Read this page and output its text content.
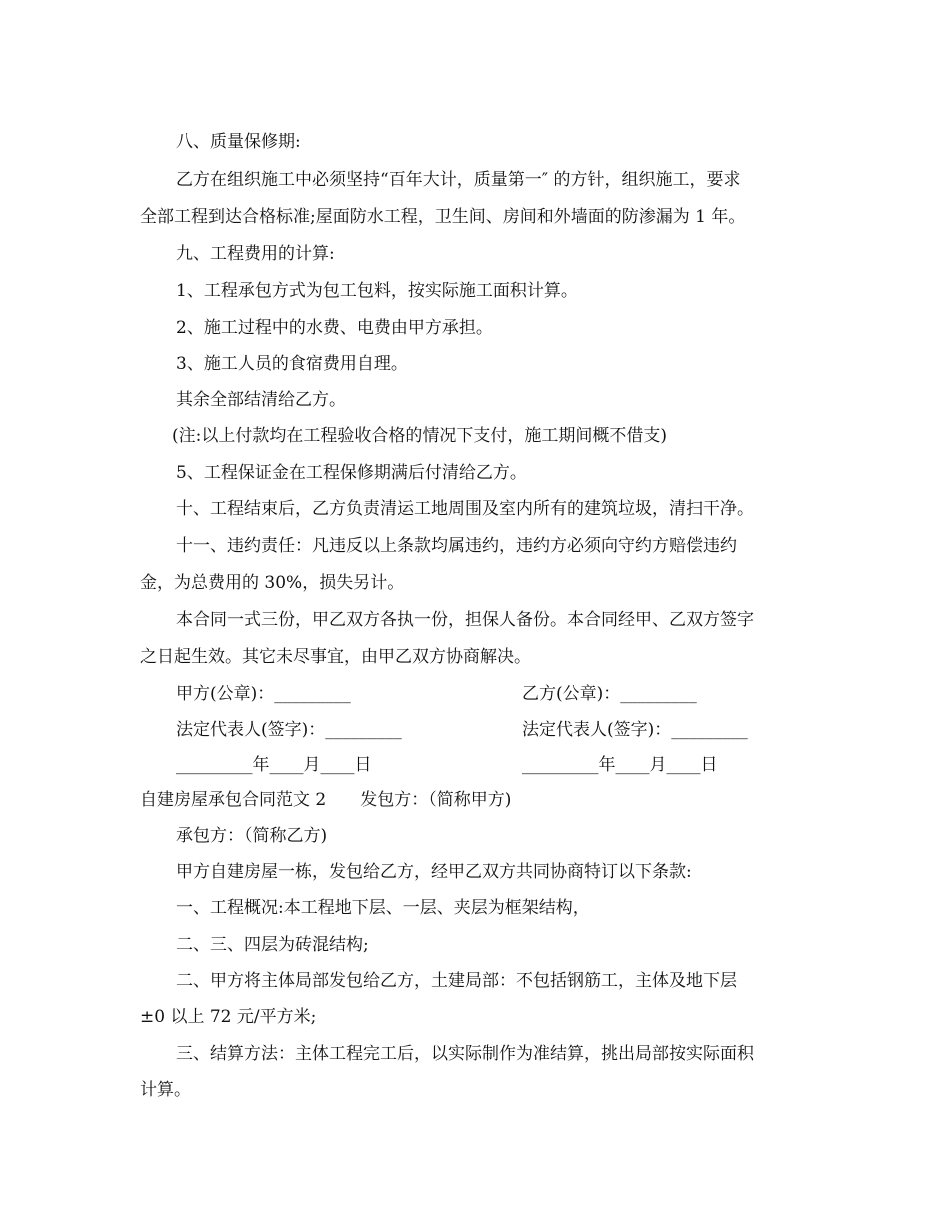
八、质量保修期:
乙方在组织施工中必须坚持“百年大计，质量第一″ 的方针，组织施工，要求
全部工程到达合格标准;屋面防水工程，卫生间、房间和外墙面的防渗漏为 1 年。
九、工程费用的计算:
1、工程承包方式为包工包料，按实际施工面积计算。
2、施工过程中的水费、电费由甲方承担。
3、施工人员的食宿费用自理。
其余全部结清给乙方。
(注:以上付款均在工程验收合格的情况下支付，施工期间概不借支)
5、工程保证金在工程保修期满后付清给乙方。
十、工程结束后，乙方负责清运工地周围及室内所有的建筑垃圾，清扫干净。
十一、违约责任：凡违反以上条款均属违约，违约方必须向守约方赔偿违约
金，为总费用的 30%，损失另计。
本合同一式三份，甲乙双方各执一份，担保人备份。本合同经甲、乙双方签字
之日起生效。其它未尽事宜，由甲乙双方协商解决。
甲方(公章)：_________	乙方(公章)：_________
法定代表人(签字)：_________	法定代表人(签字)：_________
_________年____月____日	_________年____月____日
自建房屋承包合同范文 2　　发包方：（简称甲方)
承包方：（简称乙方)
甲方自建房屋一栋，发包给乙方，经甲乙双方共同协商特订以下条款:
一、工程概况:本工程地下层、一层、夹层为框架结构，
二、三、四层为砖混结构;
二、甲方将主体局部发包给乙方，土建局部：不包括钢筋工，主体及地下层
±0 以上 72 元/平方米;
三、结算方法：主体工程完工后，以实际制作为准结算，挑出局部按实际面积
计算。
